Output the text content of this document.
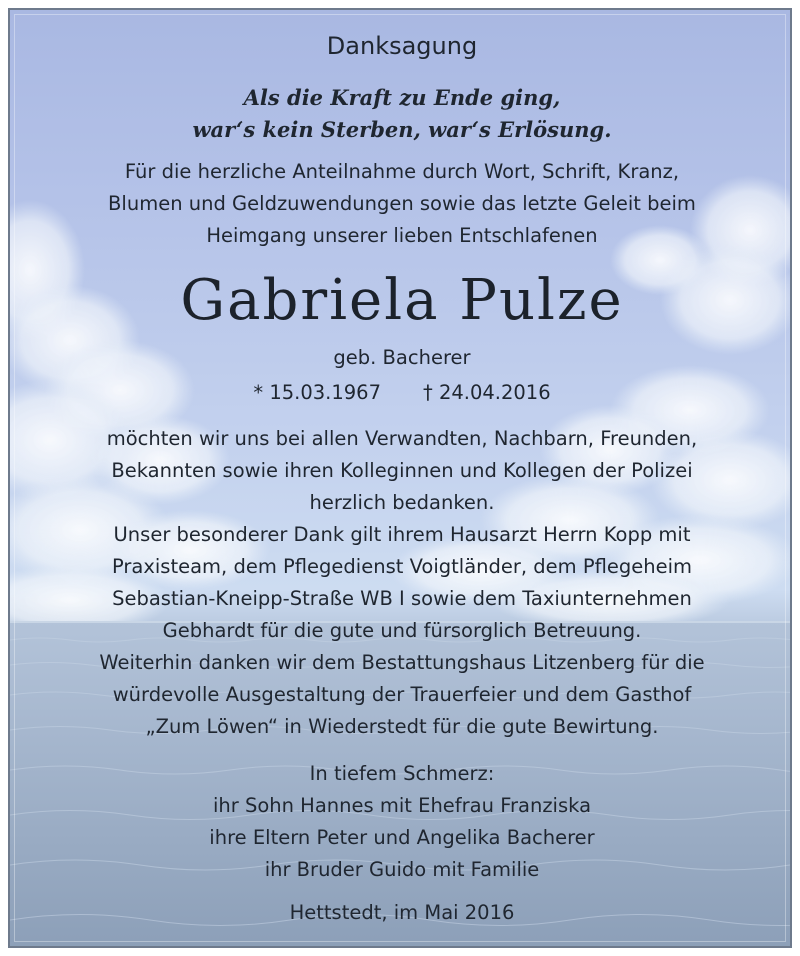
Danksagung
Als die Kraft zu Ende ging,
war‘s kein Sterben, war‘s Erlösung.
Für die herzliche Anteilnahme durch Wort, Schrift, Kranz,
Blumen und Geldzuwendungen sowie das letzte Geleit beim
Heimgang unserer lieben Entschlafenen
Gabriela Pulze
geb. Bacherer
* 15.03.1967 † 24.04.2016
möchten wir uns bei allen Verwandten, Nachbarn, Freunden,
Bekannten sowie ihren Kolleginnen und Kollegen der Polizei
herzlich bedanken.
Unser besonderer Dank gilt ihrem Hausarzt Herrn Kopp mit
Praxisteam, dem Pflegedienst Voigtländer, dem Pflegeheim
Sebastian-Kneipp-Straße WB I sowie dem Taxiunternehmen
Gebhardt für die gute und fürsorglich Betreuung.
Weiterhin danken wir dem Bestattungshaus Litzenberg für die
würdevolle Ausgestaltung der Trauerfeier und dem Gasthof
„Zum Löwen“ in Wiederstedt für die gute Bewirtung.
In tiefem Schmerz:
ihr Sohn Hannes mit Ehefrau Franziska
ihre Eltern Peter und Angelika Bacherer
ihr Bruder Guido mit Familie
Hettstedt, im Mai 2016
